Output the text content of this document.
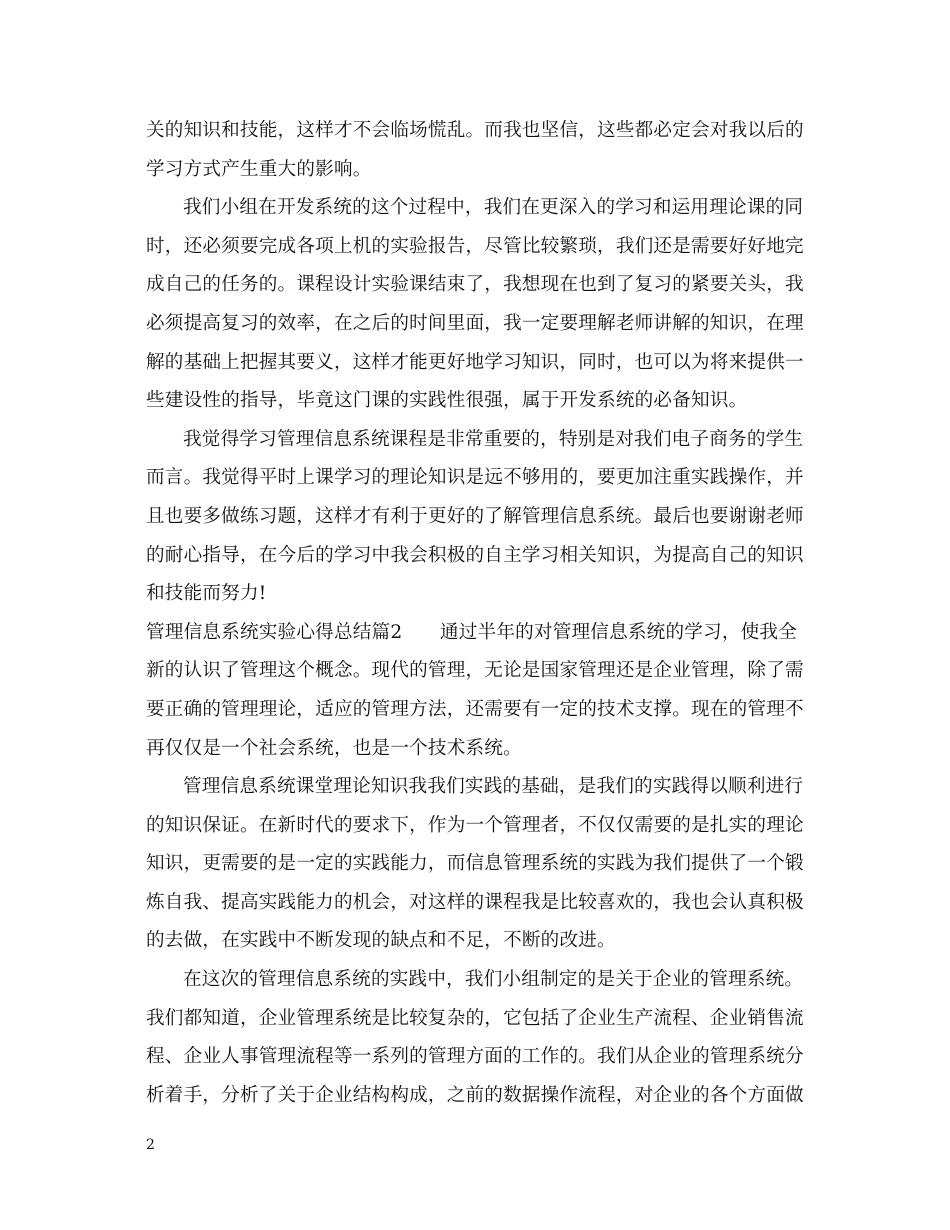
关的知识和技能，这样才不会临场慌乱。而我也坚信，这些都必定会对我以后的
学习方式产生重大的影响。
我们小组在开发系统的这个过程中，我们在更深入的学习和运用理论课的同
时，还必须要完成各项上机的实验报告，尽管比较繁琐，我们还是需要好好地完
成自己的任务的。课程设计实验课结束了，我想现在也到了复习的紧要关头，我
必须提高复习的效率，在之后的时间里面，我一定要理解老师讲解的知识，在理
解的基础上把握其要义，这样才能更好地学习知识，同时，也可以为将来提供一
些建设性的指导，毕竟这门课的实践性很强，属于开发系统的必备知识。
我觉得学习管理信息系统课程是非常重要的，特别是对我们电子商务的学生
而言。我觉得平时上课学习的理论知识是远不够用的，要更加注重实践操作，并
且也要多做练习题，这样才有利于更好的了解管理信息系统。最后也要谢谢老师
的耐心指导，在今后的学习中我会积极的自主学习相关知识，为提高自己的知识
和技能而努力!
管理信息系统实验心得总结篇2　　通过半年的对管理信息系统的学习，使我全
新的认识了管理这个概念。现代的管理，无论是国家管理还是企业管理，除了需
要正确的管理理论，适应的管理方法，还需要有一定的技术支撑。现在的管理不
再仅仅是一个社会系统，也是一个技术系统。
管理信息系统课堂理论知识我我们实践的基础，是我们的实践得以顺利进行
的知识保证。在新时代的要求下，作为一个管理者，不仅仅需要的是扎实的理论
知识，更需要的是一定的实践能力，而信息管理系统的实践为我们提供了一个锻
炼自我、提高实践能力的机会，对这样的课程我是比较喜欢的，我也会认真积极
的去做，在实践中不断发现的缺点和不足，不断的改进。
在这次的管理信息系统的实践中，我们小组制定的是关于企业的管理系统。
我们都知道，企业管理系统是比较复杂的，它包括了企业生产流程、企业销售流
程、企业人事管理流程等一系列的管理方面的工作的。我们从企业的管理系统分
析着手，分析了关于企业结构构成，之前的数据操作流程，对企业的各个方面做
2
